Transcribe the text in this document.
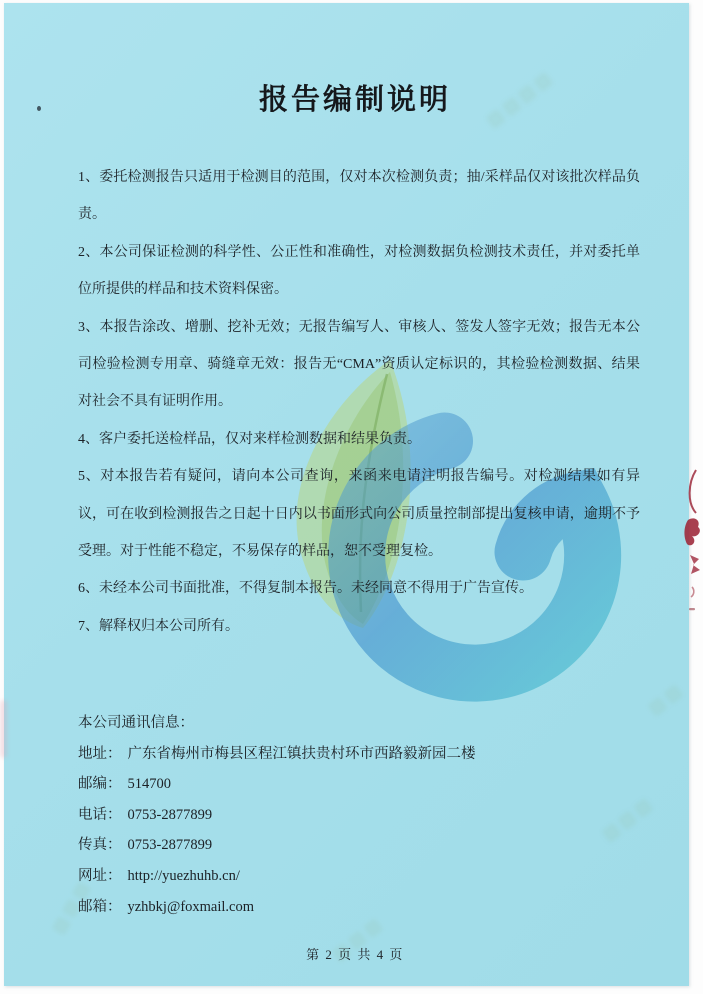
报告编制说明

1、委托检测报告只适用于检测目的范围，仅对本次检测负责；抽/采样品仅对该批次样品负责。

2、本公司保证检测的科学性、公正性和准确性，对检测数据负检测技术责任，并对委托单位所提供的样品和技术资料保密。

3、本报告涂改、增删、挖补无效；无报告编写人、审核人、签发人签字无效；报告无本公司检验检测专用章、骑缝章无效：报告无“CMA”资质认定标识的，其检验检测数据、结果对社会不具有证明作用。

4、客户委托送检样品，仅对来样检测数据和结果负责。

5、对本报告若有疑问，请向本公司查询，来函来电请注明报告编号。对检测结果如有异议，可在收到检测报告之日起十日内以书面形式向公司质量控制部提出复核申请，逾期不予受理。对于性能不稳定，不易保存的样品，恕不受理复检。

6、未经本公司书面批准，不得复制本报告。未经同意不得用于广告宣传。

7、解释权归本公司所有。

本公司通讯信息：
地址： 广东省梅州市梅县区程江镇扶贵村环市西路毅新园二楼
邮编： 514700
电话： 0753-2877899
传真： 0753-2877899
网址： http://yuezhuhb.cn/
邮箱： yzhbkj@foxmail.com
第 2 页 共 4 页
